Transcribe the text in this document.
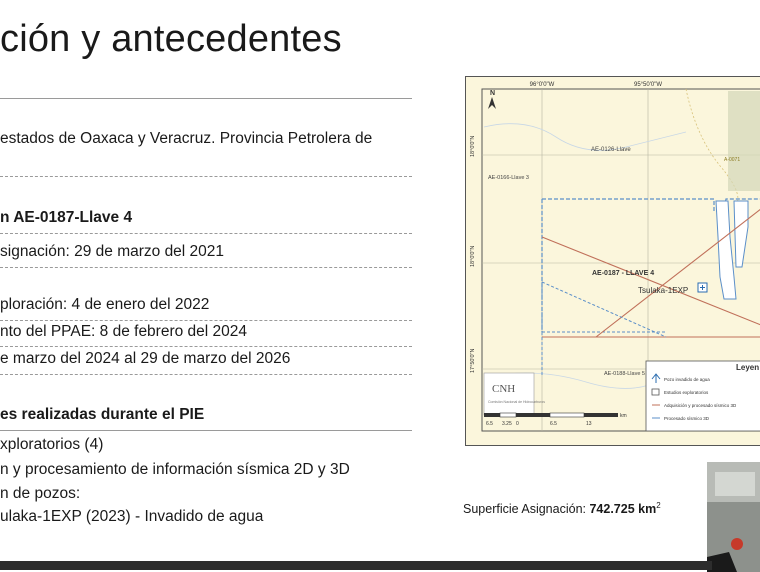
ción y antecedentes
estados de Oaxaca y Veracruz. Provincia Petrolera de
n AE-0187-Llave 4
signación: 29 de marzo del 2021
ploración: 4 de enero del 2022
nto del PPAE: 8 de febrero del 2024
e marzo del 2024 al 29 de marzo del 2026
es realizadas durante el PIE
xploratorios (4)
n y procesamiento de información sísmica 2D y 3D
n de pozos:
ulaka-1EXP (2023) - Invadido de agua
96°0'0"W	95°50'0"W
18°0'0"N
18°0'0"N
17°50'0"N
N
AE-0126-Llave
AE-0166-Llave 3
AE-0187 - LLAVE 4
AE-0188-Llave 5
A-0071
Tsulaka-1EXP
CNH
Comisión Nacional de Hidrocarburos
6.5 3.25 0	6.5	13
km
Leyen
Pozo invadido de agua
Estudios exploratorios
Adquisición y procesado sísmico 3D
Procesado sísmico 3D
Superficie Asignación: 742.725 $km^2$
